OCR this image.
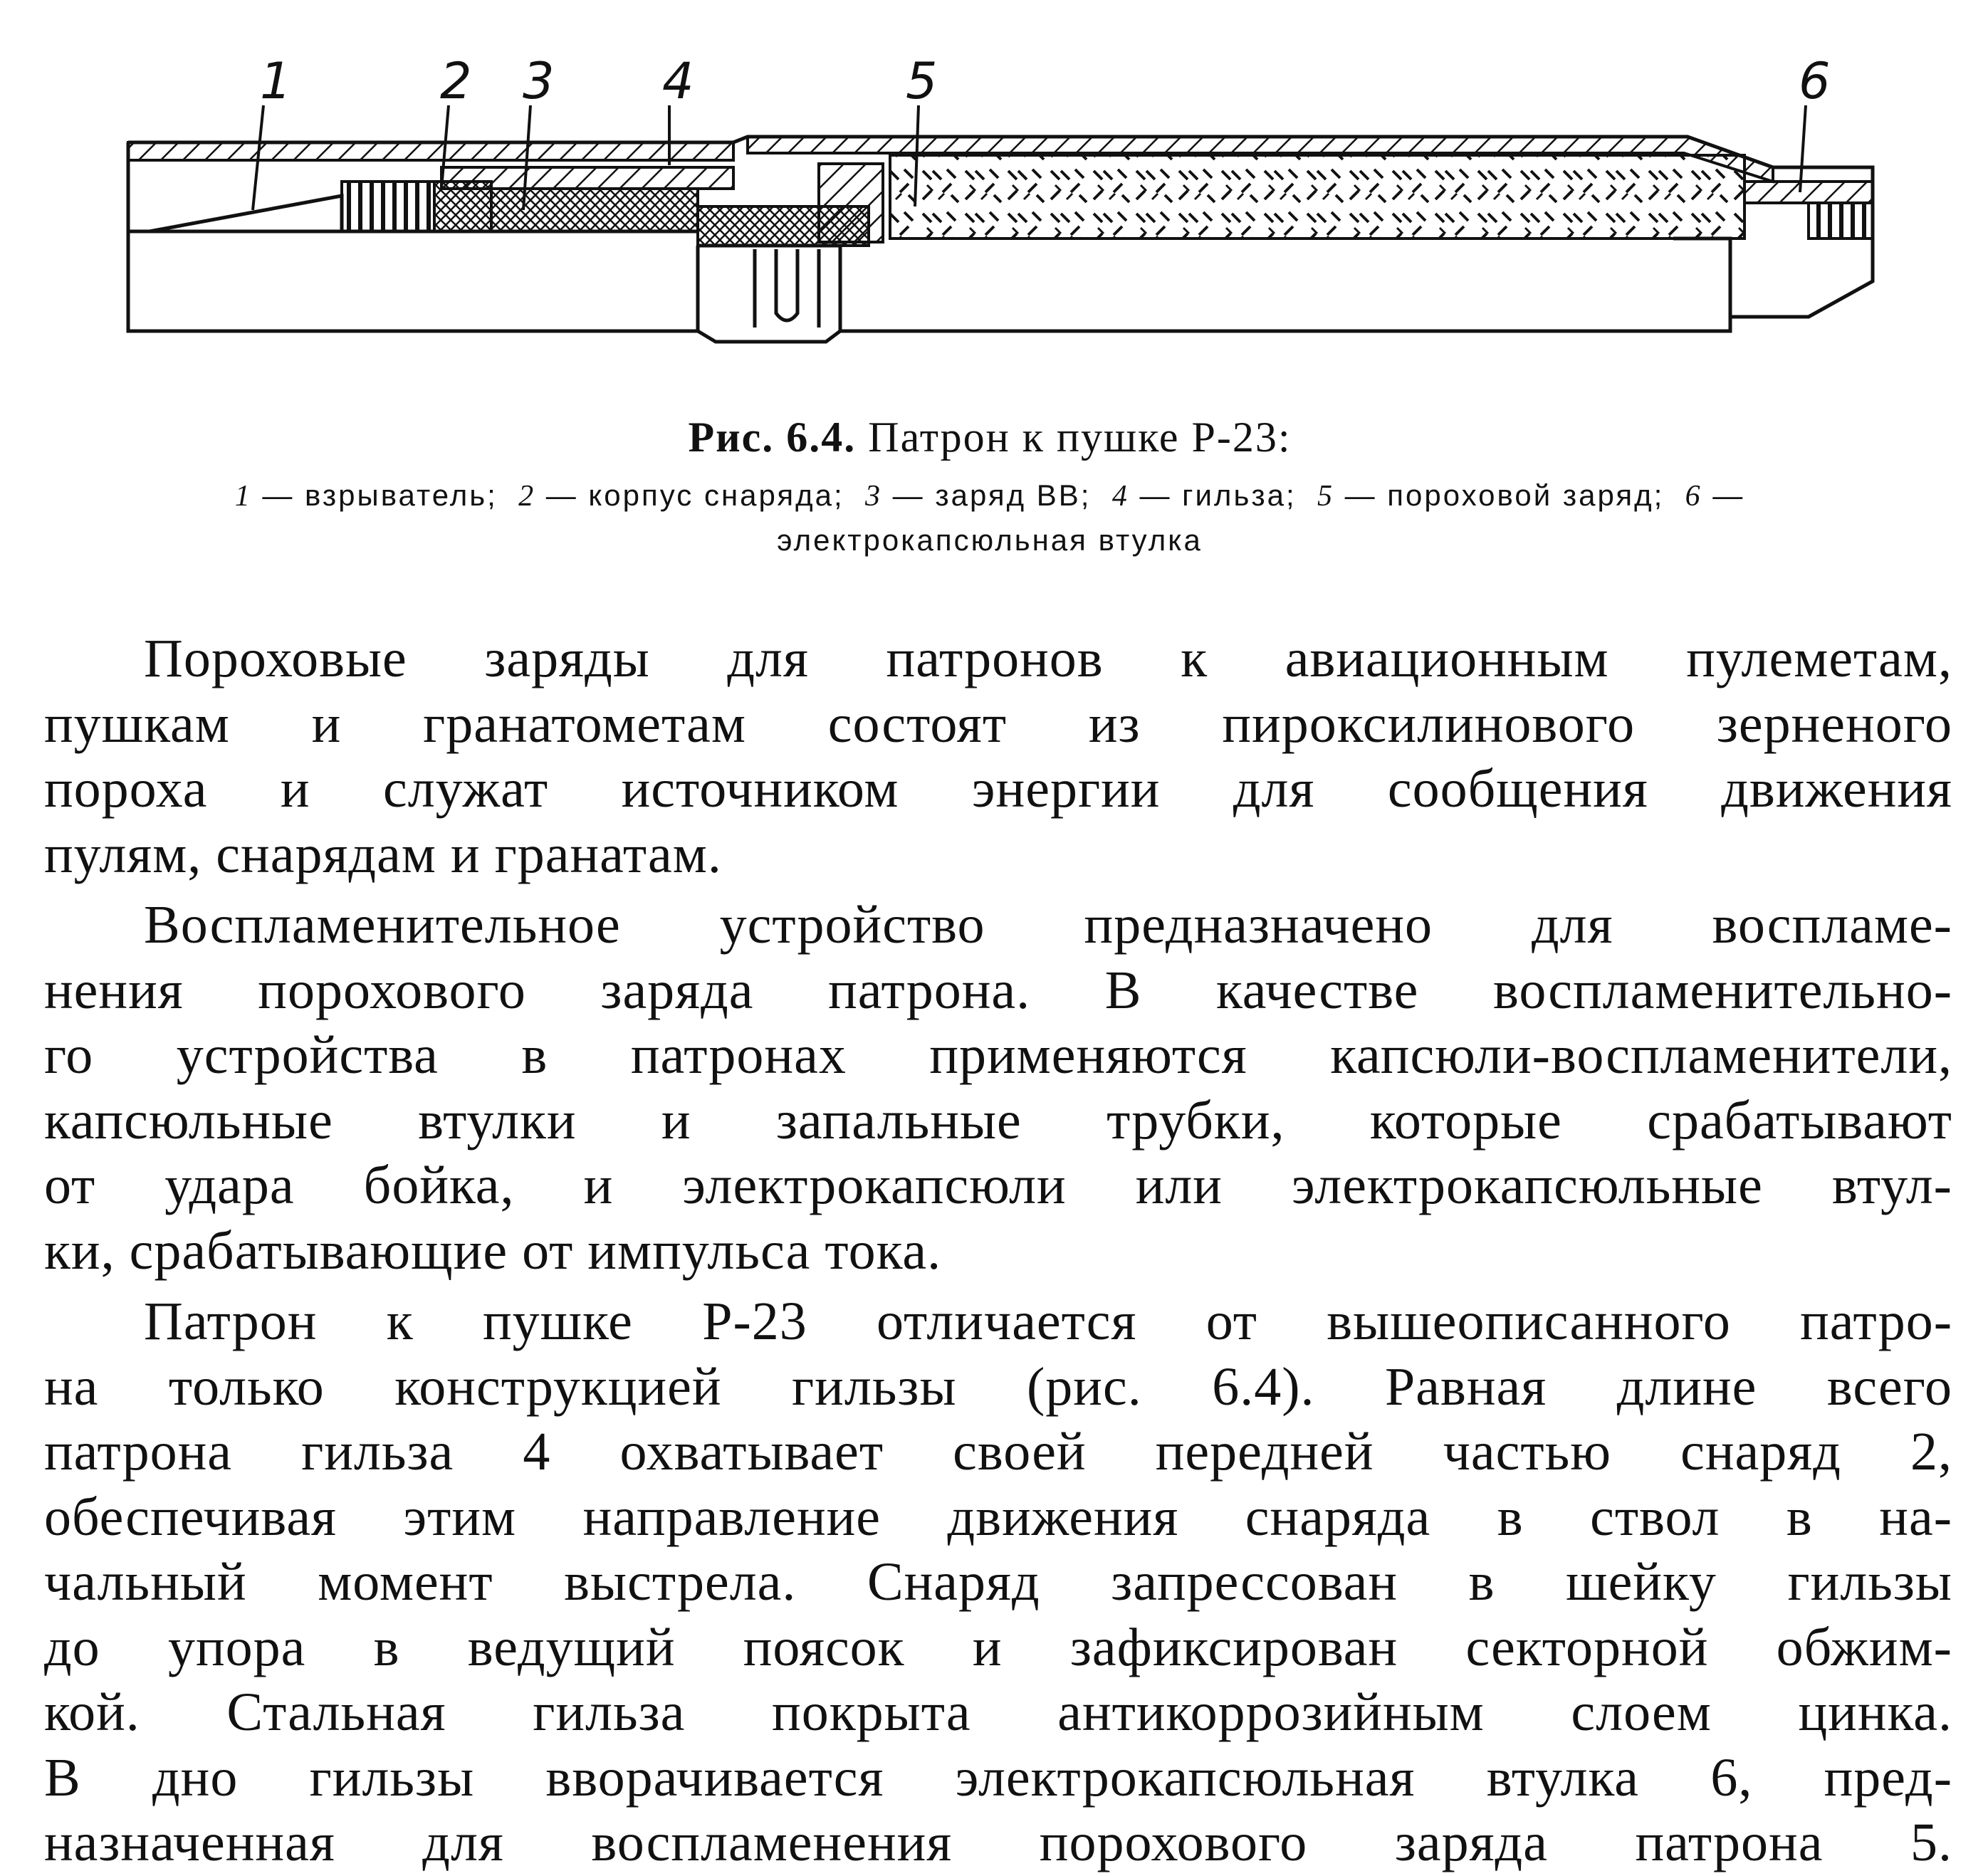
1	2 3 4	5	6
Рис. 6.4. Патрон к пушке Р-23:
1 — взрыватель; 2 — корпус снаряда; 3 — заряд ВВ; 4 — гильза; 5 — пороховой заряд; 6 — электрокапсюльная втулка
Пороховые заряды для патронов к авиационным пулеметам,
пушкам и гранатометам состоят из пироксилинового зерненого
пороха и служат источником энергии для сообщения движения
пулям, снарядам и гранатам.
Воспламенительное устройство предназначено для воспламе-
нения порохового заряда патрона. В качестве воспламенительно-
го устройства в патронах применяются капсюли-воспламенители,
капсюльные втулки и запальные трубки, которые срабатывают
от удара бойка, и электрокапсюли или электрокапсюльные втул-
ки, срабатывающие от импульса тока.
Патрон к пушке Р-23 отличается от вышеописанного патро-
на только конструкцией гильзы (рис. 6.4). Равная длине всего
патрона гильза 4 охватывает своей передней частью снаряд 2,
обеспечивая этим направление движения снаряда в ствол в на-
чальный момент выстрела. Снаряд запрессован в шейку гильзы
до упора в ведущий поясок и зафиксирован секторной обжим-
кой. Стальная гильза покрыта антикоррозийным слоем цинка.
В дно гильзы вворачивается электрокапсюльная втулка 6, пред-
назначенная для воспламенения порохового заряда патрона 5.
